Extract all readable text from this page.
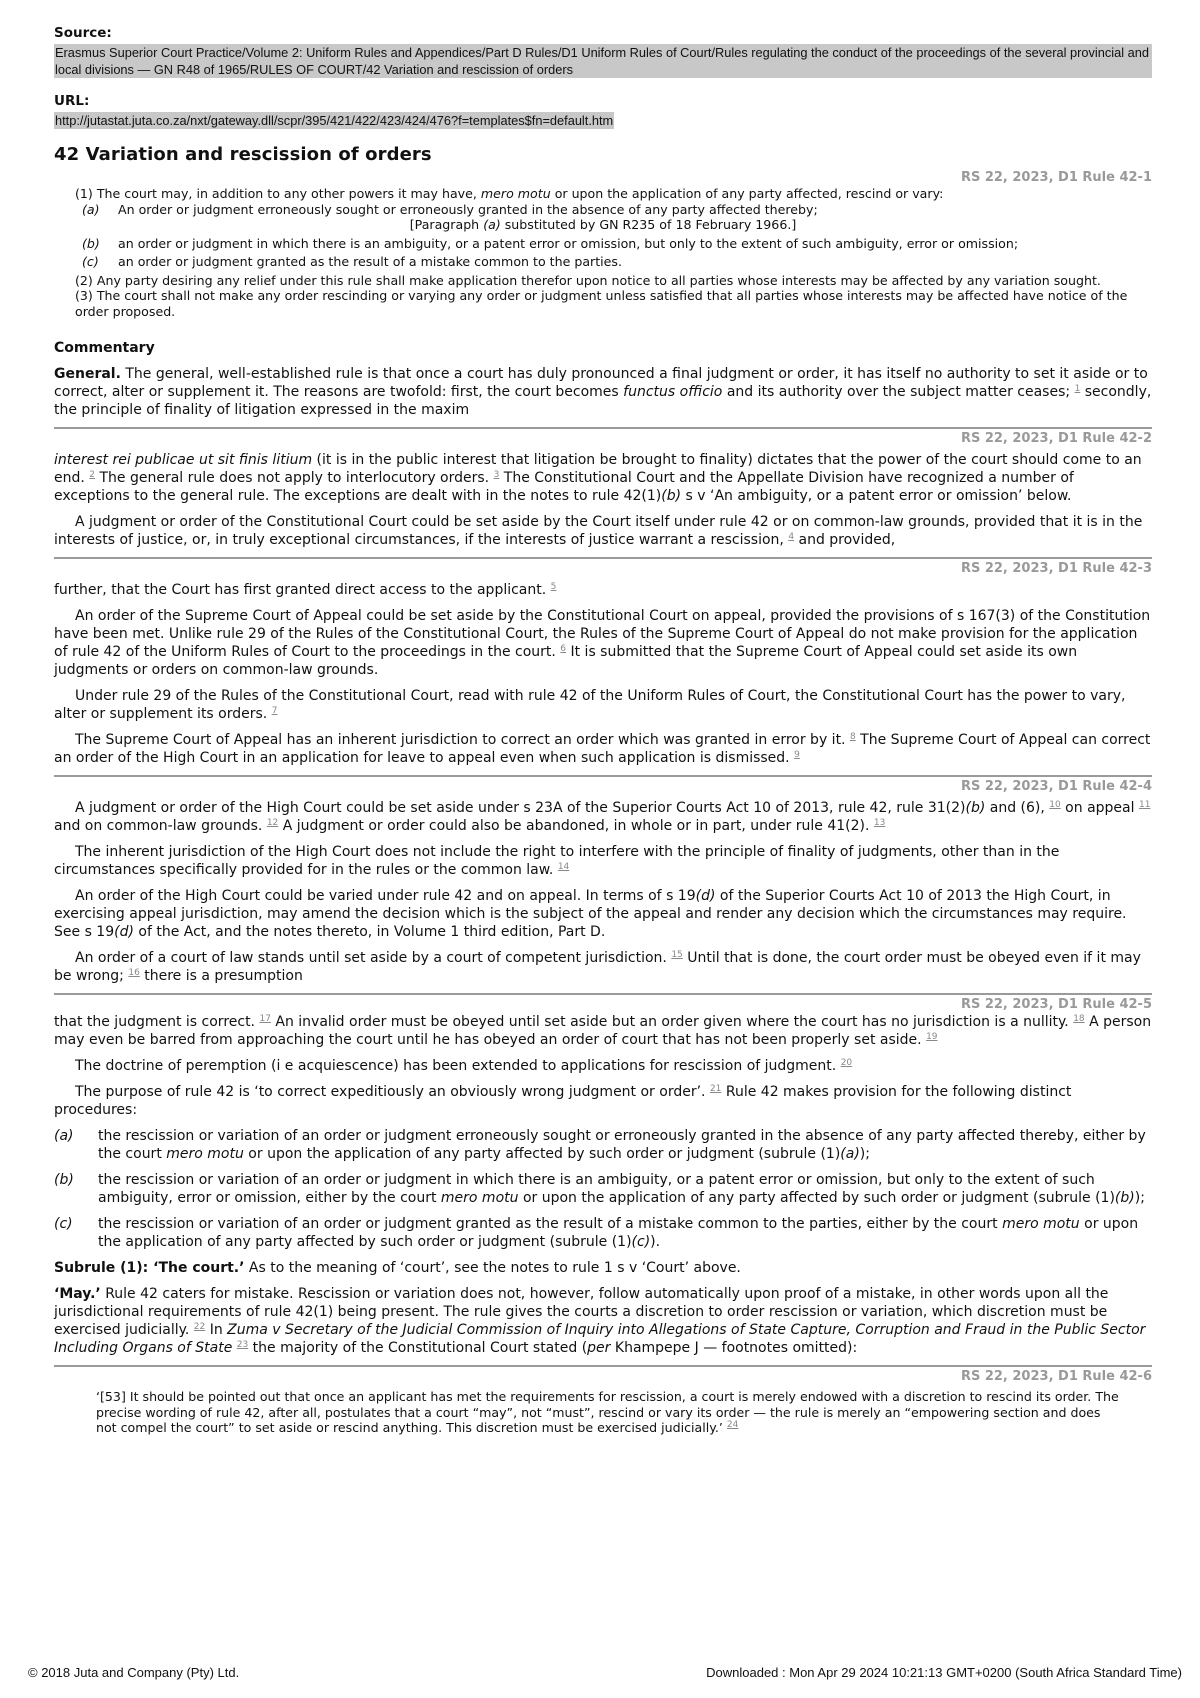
Source:

Erasmus Superior Court Practice/Volume 2: Uniform Rules and Appendices/Part D Rules/D1 Uniform Rules of Court/Rules regulating the conduct of the proceedings of the several provincial and local divisions — GN R48 of 1965/RULES OF COURT/42 Variation and rescission of orders

URL:

http://jutastat.juta.co.za/nxt/gateway.dll/scpr/395/421/422/423/424/476?f=templates$fn=default.htm
42 Variation and rescission of orders
RS 22, 2023, D1 Rule 42-1

(1) The court may, in addition to any other powers it may have, mero motu or upon the application of any party affected, rescind or vary:

(a)	An order or judgment erroneously sought or erroneously granted in the absence of any party affected thereby;

[Paragraph (a) substituted by GN R235 of 18 February 1966.]

(b)	an order or judgment in which there is an ambiguity, or a patent error or omission, but only to the extent of such ambiguity, error or omission;
(c)	an order or judgment granted as the result of a mistake common to the parties.

(2) Any party desiring any relief under this rule shall make application therefor upon notice to all parties whose interests may be affected by any variation sought.

(3) The court shall not make any order rescinding or varying any order or judgment unless satisfied that all parties whose interests may be affected have notice of the order proposed.

Commentary

General. The general, well-established rule is that once a court has duly pronounced a final judgment or order, it has itself no authority to set it aside or to correct, alter or supplement it. The reasons are twofold: first, the court becomes functus officio and its authority over the subject matter ceases; $^1$ secondly, the principle of finality of litigation expressed in the maxim

RS 22, 2023, D1 Rule 42-2

interest rei publicae ut sit finis litium (it is in the public interest that litigation be brought to finality) dictates that the power of the court should come to an end. $^2$ The general rule does not apply to interlocutory orders. $^3$ The Constitutional Court and the Appellate Division have recognized a number of exceptions to the general rule. The exceptions are dealt with in the notes to rule 42(1)(b) s v ‘An ambiguity, or a patent error or omission’ below.

A judgment or order of the Constitutional Court could be set aside by the Court itself under rule 42 or on common-law grounds, provided that it is in the interests of justice, or, in truly exceptional circumstances, if the interests of justice warrant a rescission, $^4$ and provided,

RS 22, 2023, D1 Rule 42-3

further, that the Court has first granted direct access to the applicant. $^5$

An order of the Supreme Court of Appeal could be set aside by the Constitutional Court on appeal, provided the provisions of s 167(3) of the Constitution have been met. Unlike rule 29 of the Rules of the Constitutional Court, the Rules of the Supreme Court of Appeal do not make provision for the application of rule 42 of the Uniform Rules of Court to the proceedings in the court. $^6$ It is submitted that the Supreme Court of Appeal could set aside its own judgments or orders on common-law grounds.

Under rule 29 of the Rules of the Constitutional Court, read with rule 42 of the Uniform Rules of Court, the Constitutional Court has the power to vary, alter or supplement its orders. $^7$

The Supreme Court of Appeal has an inherent jurisdiction to correct an order which was granted in error by it. $^8$ The Supreme Court of Appeal can correct an order of the High Court in an application for leave to appeal even when such application is dismissed. $^9$

RS 22, 2023, D1 Rule 42-4

A judgment or order of the High Court could be set aside under s 23A of the Superior Courts Act 10 of 2013, rule 42, rule 31(2)(b) and (6), $^{10}$ on appeal $^{11}$ and on common-law grounds. $^{12}$ A judgment or order could also be abandoned, in whole or in part, under rule 41(2). $^{13}$

The inherent jurisdiction of the High Court does not include the right to interfere with the principle of finality of judgments, other than in the circumstances specifically provided for in the rules or the common law. $^{14}$

An order of the High Court could be varied under rule 42 and on appeal. In terms of s 19(d) of the Superior Courts Act 10 of 2013 the High Court, in exercising appeal jurisdiction, may amend the decision which is the subject of the appeal and render any decision which the circumstances may require. See s 19(d) of the Act, and the notes thereto, in Volume 1 third edition, Part D.

An order of a court of law stands until set aside by a court of competent jurisdiction. $^{15}$ Until that is done, the court order must be obeyed even if it may be wrong; $^{16}$ there is a presumption

RS 22, 2023, D1 Rule 42-5

that the judgment is correct. $^{17}$ An invalid order must be obeyed until set aside but an order given where the court has no jurisdiction is a nullity. $^{18}$ A person may even be barred from approaching the court until he has obeyed an order of court that has not been properly set aside. $^{19}$

The doctrine of peremption (i e acquiescence) has been extended to applications for rescission of judgment. $^{20}$

The purpose of rule 42 is ‘to correct expeditiously an obviously wrong judgment or order’. $^{21}$ Rule 42 makes provision for the following distinct procedures:

(a)	the rescission or variation of an order or judgment erroneously sought or erroneously granted in the absence of any party affected thereby, either by the court mero motu or upon the application of any party affected by such order or judgment (subrule (1)(a));
(b)	the rescission or variation of an order or judgment in which there is an ambiguity, or a patent error or omission, but only to the extent of such ambiguity, error or omission, either by the court mero motu or upon the application of any party affected by such order or judgment (subrule (1)(b));
(c)	the rescission or variation of an order or judgment granted as the result of a mistake common to the parties, either by the court mero motu or upon the application of any party affected by such order or judgment (subrule (1)(c)).

Subrule (1): ‘The court.’ As to the meaning of ‘court’, see the notes to rule 1 s v ‘Court’ above.

‘May.’ Rule 42 caters for mistake. Rescission or variation does not, however, follow automatically upon proof of a mistake, in other words upon all the jurisdictional requirements of rule 42(1) being present. The rule gives the courts a discretion to order rescission or variation, which discretion must be exercised judicially. $^{22}$ In Zuma v Secretary of the Judicial Commission of Inquiry into Allegations of State Capture, Corruption and Fraud in the Public Sector Including Organs of State $^{23}$ the majority of the Constitutional Court stated (per Khampepe J — footnotes omitted):

RS 22, 2023, D1 Rule 42-6
‘[53] It should be pointed out that once an applicant has met the requirements for rescission, a court is merely endowed with a discretion to rescind its order. The precise wording of rule 42, after all, postulates that a court “may”, not “must”, rescind or vary its order — the rule is merely an “empowering section and does not compel the court” to set aside or rescind anything. This discretion must be exercised judicially.’ $^{24}$
© 2018 Juta and Company (Pty) Ltd.	Downloaded : Mon Apr 29 2024 10:21:13 GMT+0200 (South Africa Standard Time)
